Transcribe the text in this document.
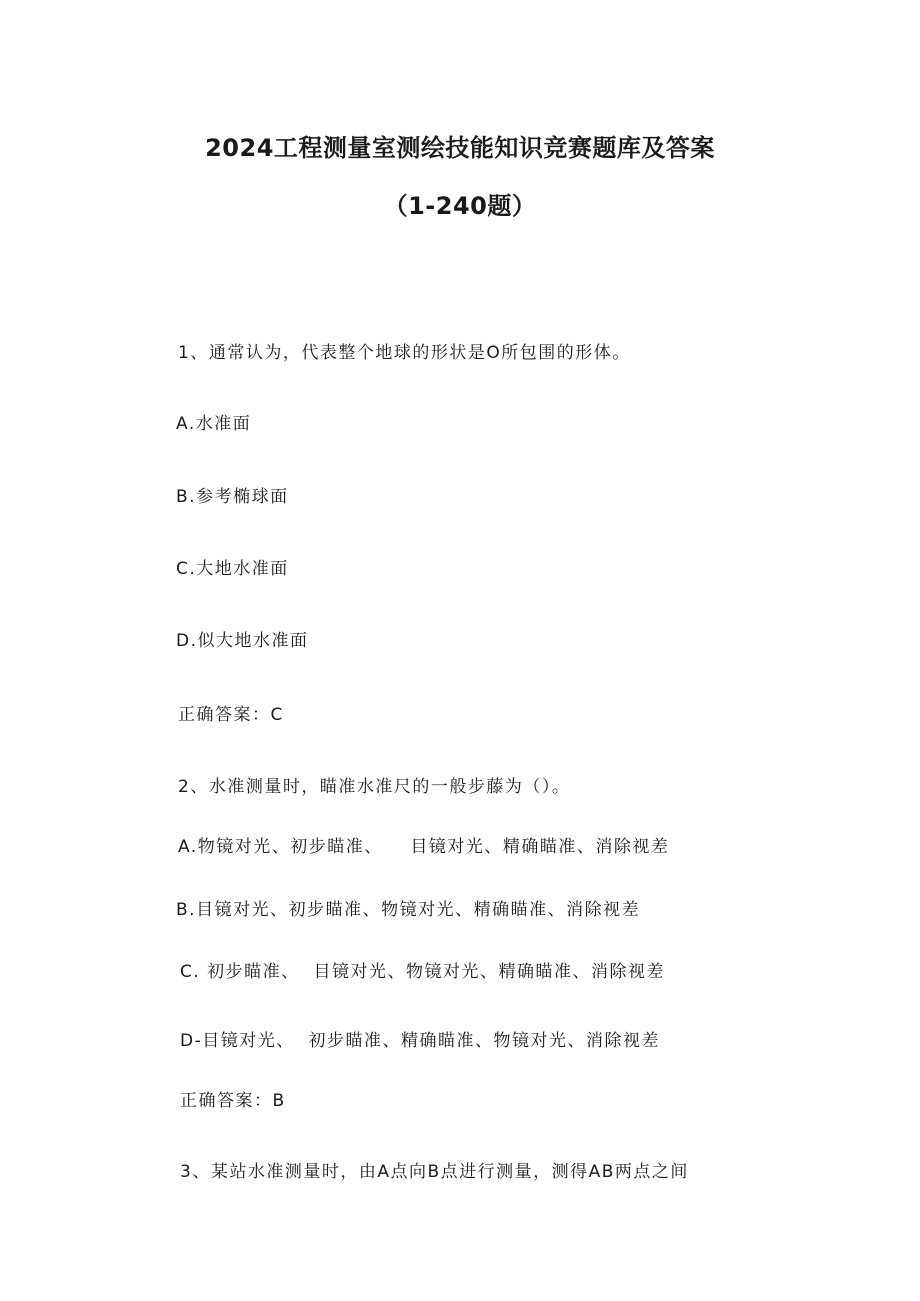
2024工程测量室测绘技能知识竞赛题库及答案
（1-240题）
1、通常认为，代表整个地球的形状是O所包围的形体。
A.水准面
B.参考椭球面
C.大地水准面
D.似大地水准面
正确答案：C
2、水准测量时，瞄准水准尺的一般步藤为（）。
A.物镜对光、初步瞄准、    目镜对光、精确瞄准、消除视差
B.目镜对光、初步瞄准、物镜对光、精确瞄准、消除视差
C. 初步瞄准、  目镜对光、物镜对光、精确瞄准、消除视差
D-目镜对光、  初步瞄准、精确瞄准、物镜对光、消除视差
正确答案：B
3、某站水准测量时，由A点向B点进行测量，测得AB两点之间
